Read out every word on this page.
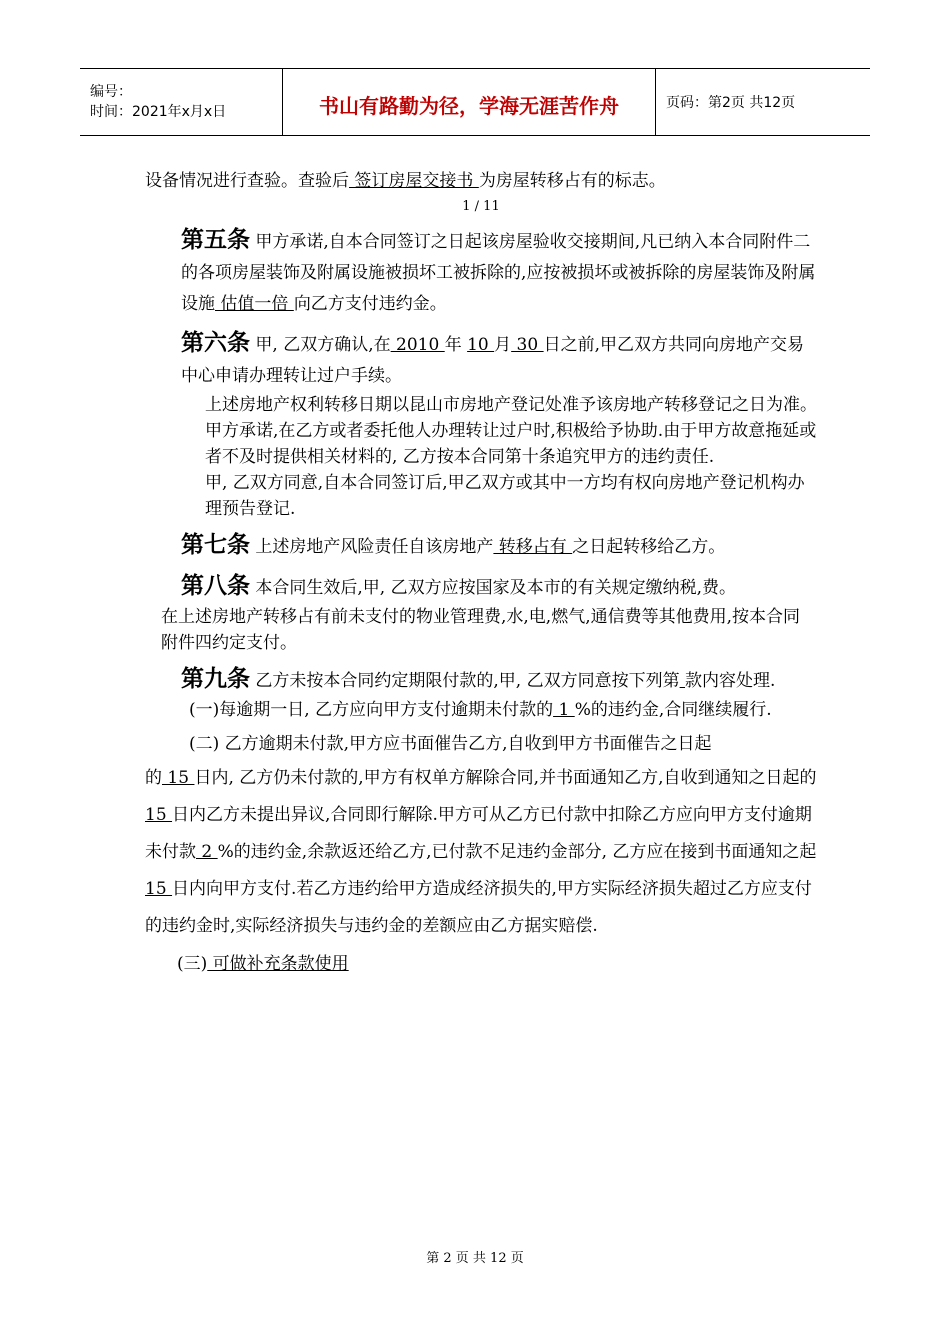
编号：
时间：2021年x月x日	书山有路勤为径，学海无涯苦作舟	页码：第2页 共12页

设备情况进行查验。查验后 签订房屋交接书 为房屋转移占有的标志。

1 / 11

第五条 甲方承诺,自本合同签订之日起该房屋验收交接期间,凡已纳入本合同附件二的各项房屋装饰及附属设施被损坏工被拆除的,应按被损坏或被拆除的房屋装饰及附属设施 估值一倍 向乙方支付违约金。

第六条 甲, 乙双方确认,在 2010 年 10 月 30 日之前,甲乙双方共同向房地产交易中心申请办理转让过户手续。

上述房地产权利转移日期以昆山市房地产登记处准予该房地产转移登记之日为准。

甲方承诺,在乙方或者委托他人办理转让过户时,积极给予协助.由于甲方故意拖延或者不及时提供相关材料的, 乙方按本合同第十条追究甲方的违约责任.

甲, 乙双方同意,自本合同签订后,甲乙双方或其中一方均有权向房地产登记机构办理预告登记.

第七条 上述房地产风险责任自该房地产 转移占有 之日起转移给乙方。

第八条 本合同生效后,甲, 乙双方应按国家及本市的有关规定缴纳税,费。

在上述房地产转移占有前未支付的物业管理费,水,电,燃气,通信费等其他费用,按本合同附件四约定支付。

第九条 乙方未按本合同约定期限付款的,甲, 乙双方同意按下列第 款内容处理.

(一)每逾期一日, 乙方应向甲方支付逾期未付款的 1 %的违约金,合同继续履行.

(二) 乙方逾期未付款,甲方应书面催告乙方,自收到甲方书面催告之日起

的 15 日内, 乙方仍未付款的,甲方有权单方解除合同,并书面通知乙方,自收到通知之日起的 15 日内乙方未提出异议,合同即行解除.甲方可从乙方已付款中扣除乙方应向甲方支付逾期未付款 2 %的违约金,余款返还给乙方,已付款不足违约金部分, 乙方应在接到书面通知之起 15 日内向甲方支付.若乙方违约给甲方造成经济损失的,甲方实际经济损失超过乙方应支付的违约金时,实际经济损失与违约金的差额应由乙方据实赔偿.

(三) 可做补充条款使用

第 2 页 共 12 页
